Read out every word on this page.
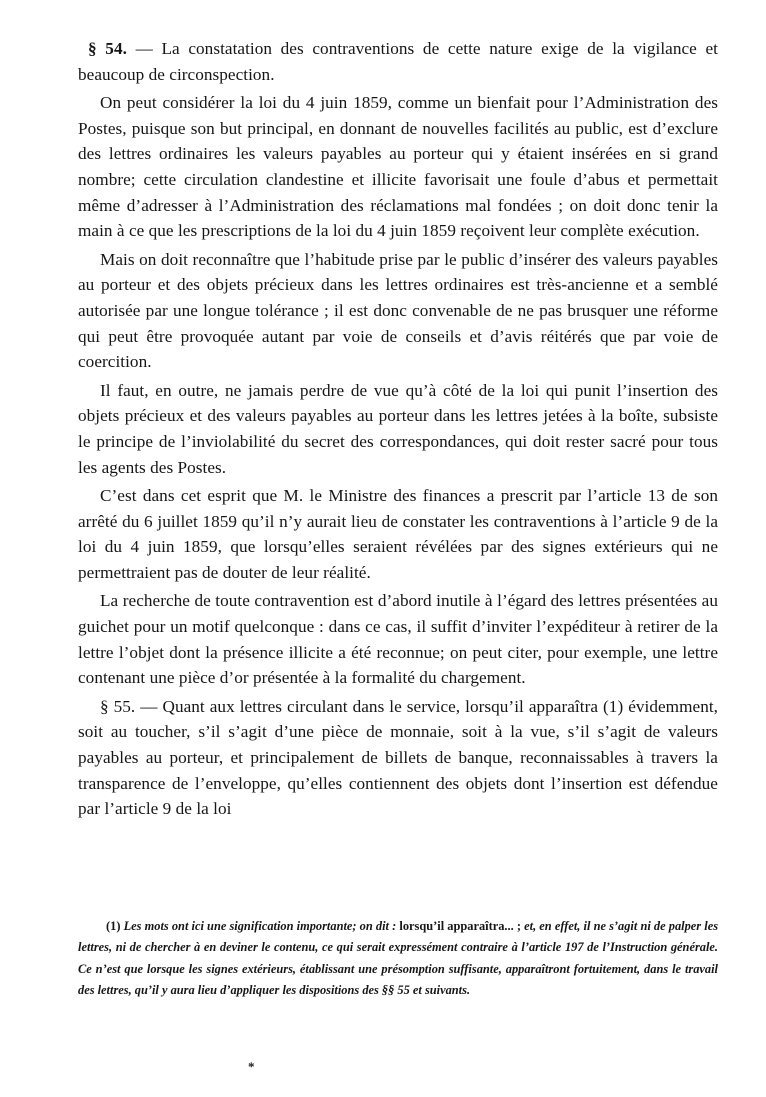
§ 54. — La constatation des contraventions de cette nature exige de la vigilance et beaucoup de circonspection.

On peut considérer la loi du 4 juin 1859, comme un bienfait pour l’Administration des Postes, puisque son but principal, en donnant de nouvelles facilités au public, est d’exclure des lettres ordinaires les valeurs payables au porteur qui y étaient insérées en si grand nombre; cette circulation clandestine et illicite favorisait une foule d’abus et permettait même d’adresser à l’Administration des réclamations mal fondées ; on doit donc tenir la main à ce que les prescriptions de la loi du 4 juin 1859 reçoivent leur complète exécution.

Mais on doit reconnaître que l’habitude prise par le public d’insérer des valeurs payables au porteur et des objets précieux dans les lettres ordinaires est très-ancienne et a semblé autorisée par une longue tolérance ; il est donc convenable de ne pas brusquer une réforme qui peut être provoquée autant par voie de conseils et d’avis réitérés que par voie de coercition.

Il faut, en outre, ne jamais perdre de vue qu’à côté de la loi qui punit l’insertion des objets précieux et des valeurs payables au porteur dans les lettres jetées à la boîte, subsiste le principe de l’inviolabilité du secret des correspondances, qui doit rester sacré pour tous les agents des Postes.

C’est dans cet esprit que M. le Ministre des finances a prescrit par l’article 13 de son arrêté du 6 juillet 1859 qu’il n’y aurait lieu de constater les contraventions à l’article 9 de la loi du 4 juin 1859, que lorsqu’elles seraient révélées par des signes extérieurs qui ne permettraient pas de douter de leur réalité.

La recherche de toute contravention est d’abord inutile à l’égard des lettres présentées au guichet pour un motif quelconque : dans ce cas, il suffit d’inviter l’expéditeur à retirer de la lettre l’objet dont la présence illicite a été reconnue; on peut citer, pour exemple, une lettre contenant une pièce d’or présentée à la formalité du chargement.

§ 55. — Quant aux lettres circulant dans le service, lorsqu’il apparaîtra (1) évidemment, soit au toucher, s’il s’agit d’une pièce de monnaie, soit à la vue, s’il s’agit de valeurs payables au porteur, et principalement de billets de banque, reconnaissables à travers la transparence de l’enveloppe, qu’elles contiennent des objets dont l’insertion est défendue par l’article 9 de la loi

(1) Les mots ont ici une signification importante; on dit : lorsqu’il apparaîtra... ; et, en effet, il ne s’agit ni de palper les lettres, ni de chercher à en deviner le contenu, ce qui serait expressément contraire à l’article 197 de l’Instruction générale. Ce n’est que lorsque les signes extérieurs, établissant une présomption suffisante, apparaîtront fortuitement, dans le travail des lettres, qu’il y aura lieu d’appliquer les dispositions des §§ 55 et suivants.

*
